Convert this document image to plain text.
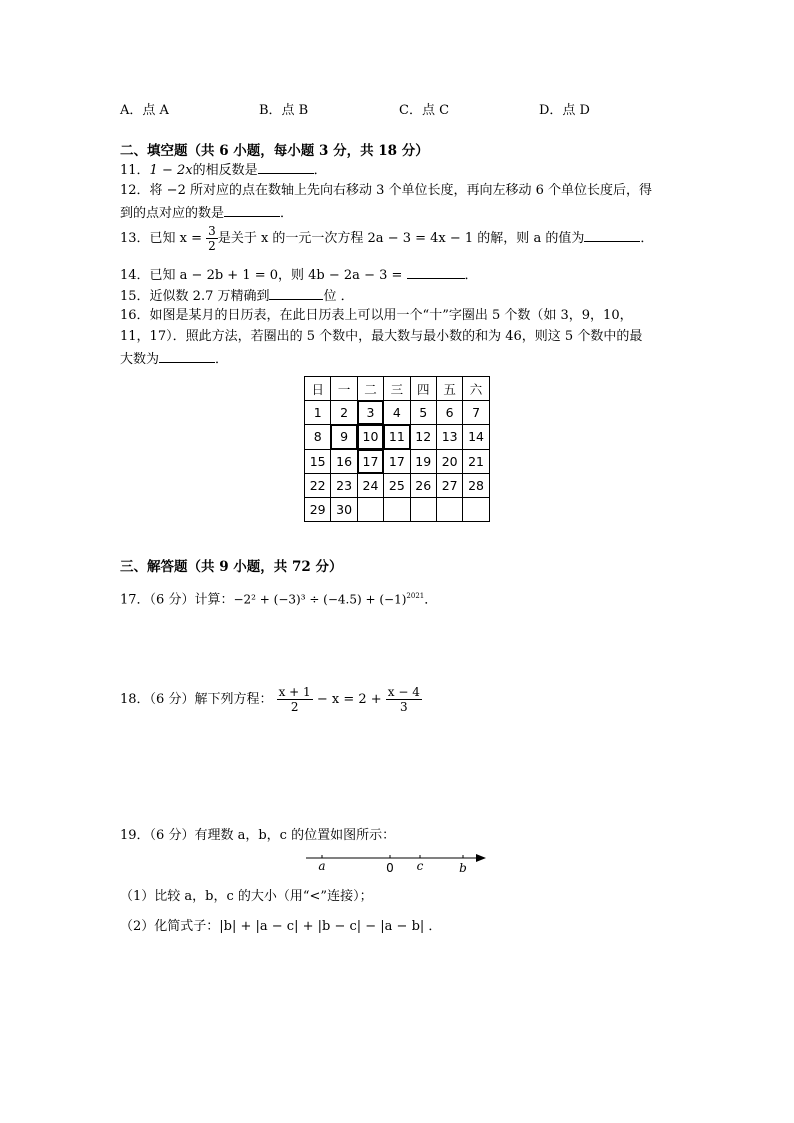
A．点 A	B．点 B	C．点 C	D．点 D
二、填空题（共 6 小题，每小题 3 分，共 18 分）
11．1 − 2x的相反数是	．
12．将 −2 所对应的点在数轴上先向右移动 3 个单位长度，再向左移动 6 个单位长度后，得
到的点对应的数是	．
13．已知 $x = \frac{3}{2}$ 是关于 x 的一元一次方程 2a − 3 = 4x − 1 的解，则 a 的值为	．
14．已知 a − 2b + 1 = 0，则 4b − 2a − 3 =	．
15．近似数 2.7 万精确到	位 ．
16．如图是某月的日历表，在此日历表上可以用一个“十”字圈出 5 个数（如 3，9，10，
11，17）．照此方法，若圈出的 5 个数中，最大数与最小数的和为 46，则这 5 个数中的最
大数为	．
日	一	二	三	四	五	六
1	2	3	4	5	6	7
8	9	10	11	12	13	14
15	16	17	17	19	20	21
22	23	24	25	26	27	28
29	30					
三、解答题（共 9 小题，共 72 分）
17．（6 分）计算：$-2^2 + (-3)^3 \div (-4.5) + (-1)^{2021}$．
18．（6 分）解下列方程： $\frac{x + 1}{2} - x = 2 + \frac{x - 4}{3}$
19．（6 分）有理数 a，b，c 的位置如图所示：
a	0 c	b
（1）比较 a，b，c 的大小（用“<”连接）；
（2）化简式子：|b| + |a − c| + |b − c| − |a − b| ．
